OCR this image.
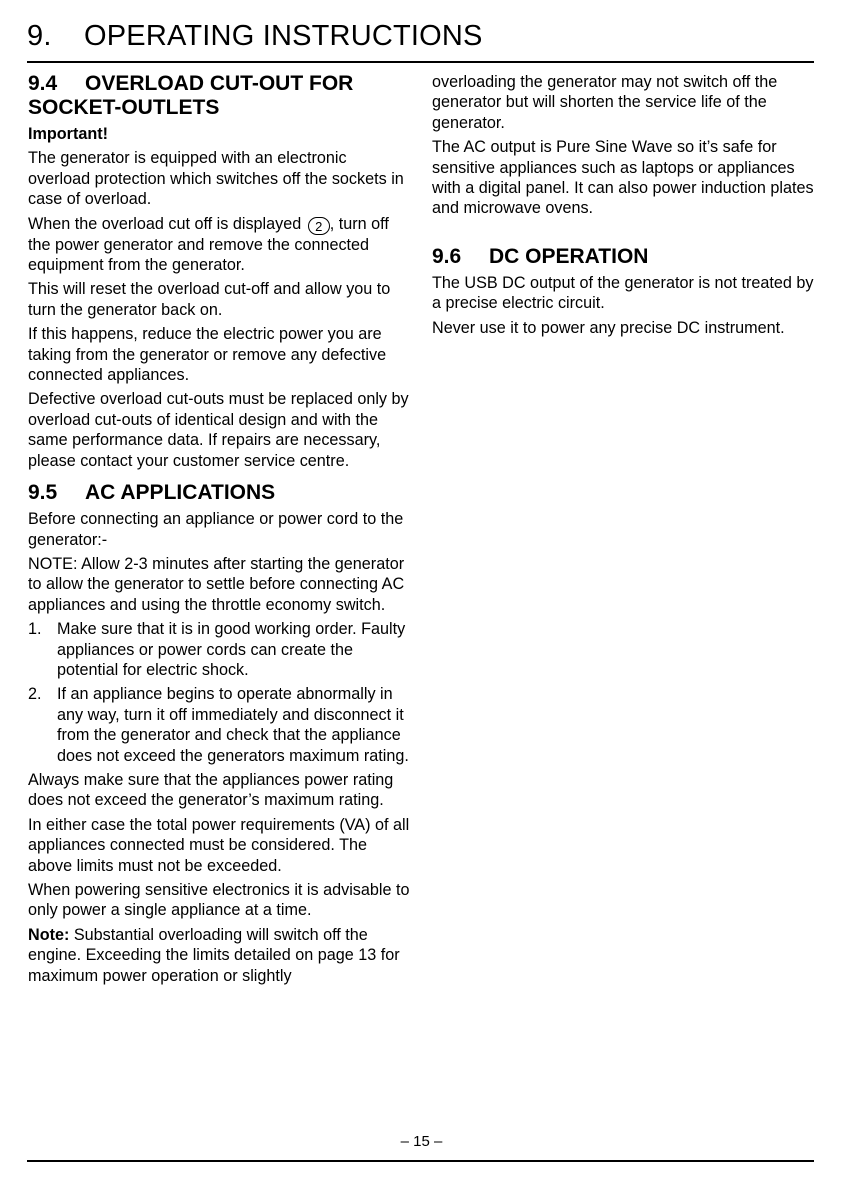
9. OPERATING INSTRUCTIONS
9.4 OVERLOAD CUT-OUT FOR
SOCKET-OUTLETS

Important!

The generator is equipped with an electronic overload protection which switches off the sockets in case of overload.

When the overload cut off is displayed 2 , turn off the power generator and remove the connected equipment from the generator.

This will reset the overload cut-off and allow you to turn the generator back on.

If this happens, reduce the electric power you are taking from the generator or remove any defective connected appliances.

Defective overload cut-outs must be replaced only by overload cut-outs of identical design and with the same performance data. If repairs are necessary, please contact your customer service centre.

9.5 AC APPLICATIONS

Before connecting an appliance or power cord to the generator:-

NOTE: Allow 2-3 minutes after starting the generator to allow the generator to settle before connecting AC appliances and using the throttle economy switch.

1. Make sure that it is in good working order. Faulty appliances or power cords can create the potential for electric shock.
2. If an appliance begins to operate abnormally in any way, turn it off immediately and disconnect it from the generator and check that the appliance does not exceed the generators maximum rating.

Always make sure that the appliances power rating does not exceed the generator’s maximum rating.

In either case the total power requirements (VA) of all appliances connected must be considered. The above limits must not be exceeded.

When powering sensitive electronics it is advisable to only power a single appliance at a time.

Note: Substantial overloading will switch off the engine. Exceeding the limits detailed on page 13 for maximum power operation or slightly

overloading the generator may not switch off the generator but will shorten the service life of the generator.

The AC output is Pure Sine Wave so it’s safe for sensitive appliances such as laptops or appliances with a digital panel. It can also power induction plates and microwave ovens.

9.6 DC OPERATION

The USB DC output of the generator is not treated by a precise electric circuit.

Never use it to power any precise DC instrument.

– 15 –
